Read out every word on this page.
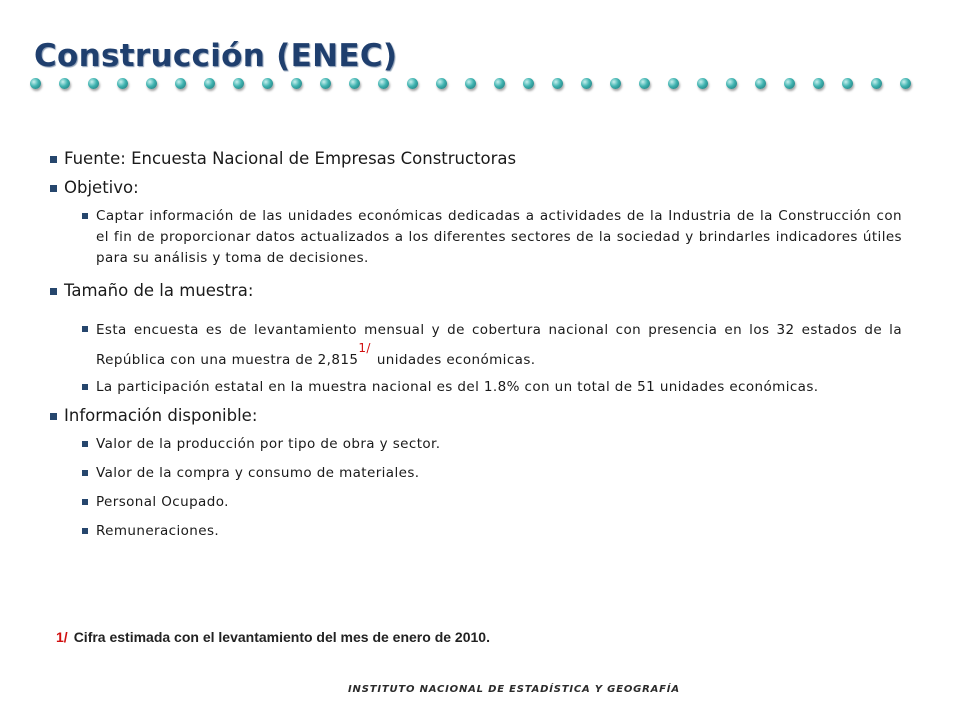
Construcción (ENEC)
Fuente: Encuesta Nacional de Empresas Constructoras
Objetivo:
Captar información de las unidades económicas dedicadas a actividades de la Industria de la Construcción con el fin de proporcionar datos actualizados a los diferentes sectores de la sociedad y brindarles indicadores útiles para su análisis y toma de decisiones.
Tamaño de la muestra:
Esta encuesta es de levantamiento mensual y de cobertura nacional con presencia en los 32 estados de la República con una muestra de 2,8151/unidades económicas.
La participación estatal en la muestra nacional es del 1.8% con un total de 51 unidades económicas.
Información disponible:
Valor de la producción por tipo de obra y sector.
Valor de la compra y consumo de materiales.
Personal Ocupado.
Remuneraciones.
1/ Cifra estimada con el levantamiento del mes de enero de 2010.
INSTITUTO NACIONAL DE ESTADÍSTICA Y GEOGRAFÍA
